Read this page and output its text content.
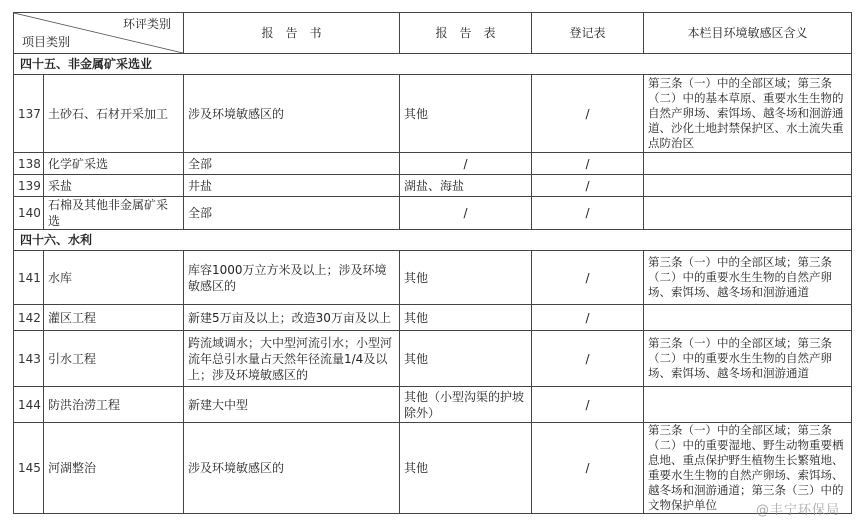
环评类别
项目类别		报　告　书	报　告　表	登记表	本栏目环境敏感区含义
四十五、非金属矿采选业					
137	土砂石、石材开采加工	涉及环境敏感区的	其他	/	第三条（一）中的全部区域；第三条（二）中的基本草原、重要水生生物的自然产卵场、索饵场、越冬场和洄游通道、沙化土地封禁保护区、水土流失重点防治区
138	化学矿采选	全部	/	/	
139	采盐	井盐	湖盐、海盐	/	
140	石棉及其他非金属矿采选	全部	/	/	
四十六、水利					
141	水库	库容1000万立方米及以上；涉及环境敏感区的	其他	/	第三条（一）中的全部区域；第三条（二）中的重要水生生物的自然产卵场、索饵场、越冬场和洄游通道
142	灌区工程	新建5万亩及以上；改造30万亩及以上	其他	/	
143	引水工程	跨流域调水；大中型河流引水；小型河流年总引水量占天然年径流量1/4及以上；涉及环境敏感区的	其他	/	第三条（一）中的全部区域；第三条（二）中的重要水生生物的自然产卵场、索饵场、越冬场和洄游通道
144	防洪治涝工程	新建大中型	其他（小型沟渠的护坡除外）	/	
145	河湖整治	涉及环境敏感区的	其他	/	第三条（一）中的全部区域；第三条（二）中的重要湿地、野生动物重要栖息地、重点保护野生植物生长繁殖地、重要水生生物的自然产卵场、索饵场、越冬场和洄游通道；第三条（三）中的文物保护单位	@丰宁环保局
